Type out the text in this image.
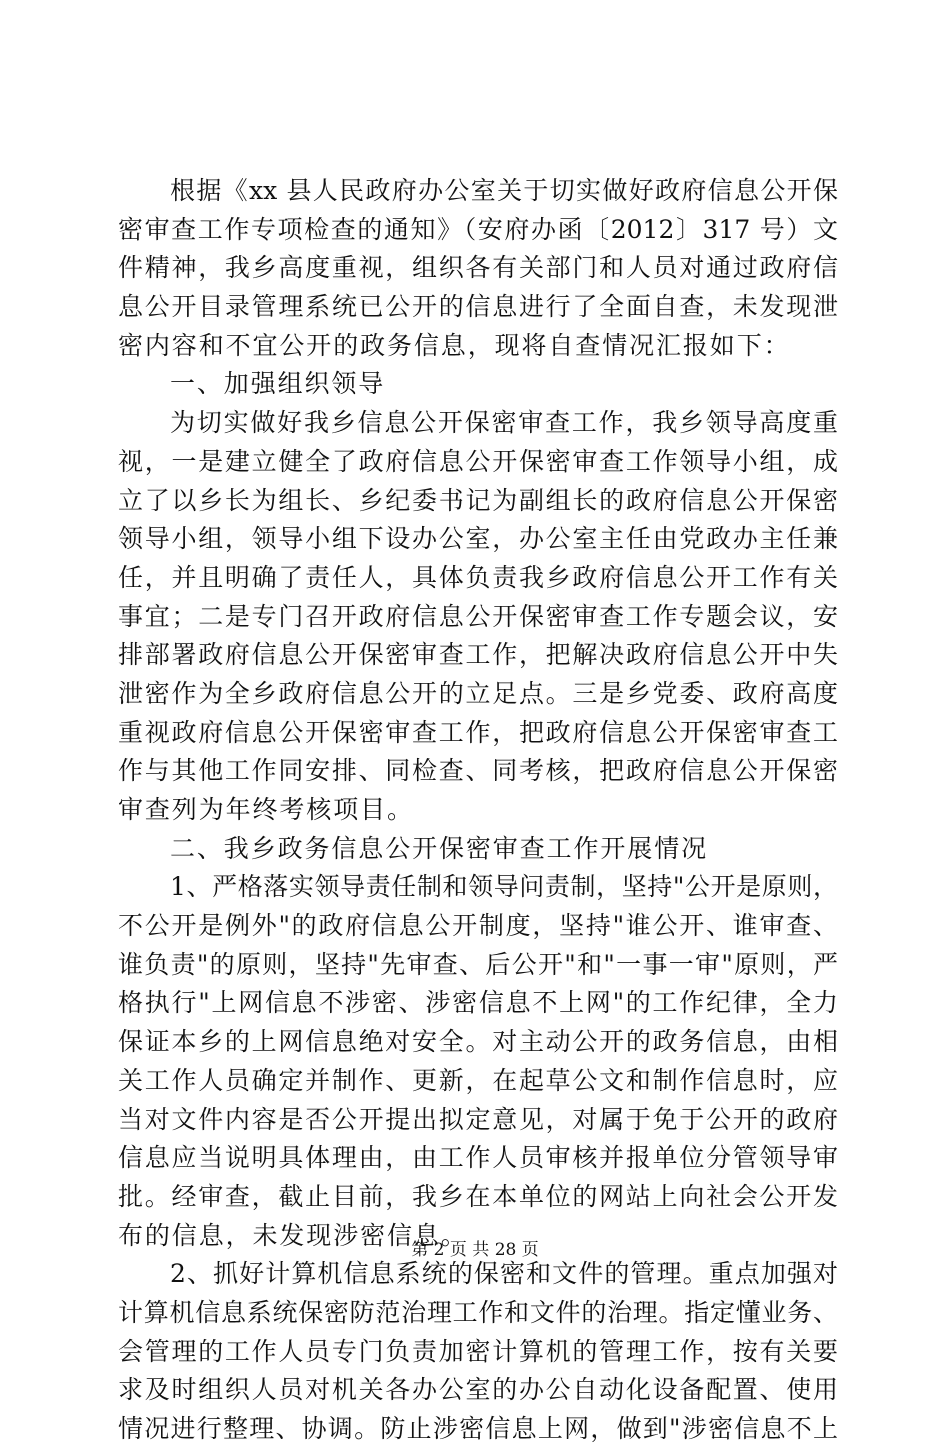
根据《xx 县人民政府办公室关于切实做好政府信息公开保
密审查工作专项检查的通知》（安府办函〔2012〕317 号）文
件精神，我乡高度重视，组织各有关部门和人员对通过政府信
息公开目录管理系统已公开的信息进行了全面自查，未发现泄
密内容和不宜公开的政务信息，现将自查情况汇报如下：
一、加强组织领导
为切实做好我乡信息公开保密审查工作，我乡领导高度重
视，一是建立健全了政府信息公开保密审查工作领导小组，成
立了以乡长为组长、乡纪委书记为副组长的政府信息公开保密
领导小组，领导小组下设办公室，办公室主任由党政办主任兼
任，并且明确了责任人，具体负责我乡政府信息公开工作有关
事宜；二是专门召开政府信息公开保密审查工作专题会议，安
排部署政府信息公开保密审查工作，把解决政府信息公开中失
泄密作为全乡政府信息公开的立足点。三是乡党委、政府高度
重视政府信息公开保密审查工作，把政府信息公开保密审查工
作与其他工作同安排、同检查、同考核，把政府信息公开保密
审查列为年终考核项目。
二、我乡政务信息公开保密审查工作开展情况
1、严格落实领导责任制和领导问责制，坚持"公开是原则，
不公开是例外"的政府信息公开制度，坚持"谁公开、谁审查、
谁负责"的原则，坚持"先审查、后公开"和"一事一审"原则，严
格执行"上网信息不涉密、涉密信息不上网"的工作纪律，全力
保证本乡的上网信息绝对安全。对主动公开的政务信息，由相
关工作人员确定并制作、更新，在起草公文和制作信息时，应
当对文件内容是否公开提出拟定意见，对属于免于公开的政府
信息应当说明具体理由，由工作人员审核并报单位分管领导审
批。经审查，截止目前，我乡在本单位的网站上向社会公开发
布的信息，未发现涉密信息。
2、抓好计算机信息系统的保密和文件的管理。重点加强对
计算机信息系统保密防范治理工作和文件的治理。指定懂业务、
会管理的工作人员专门负责加密计算机的管理工作，按有关要
求及时组织人员对机关各办公室的办公自动化设备配置、使用
情况进行整理、协调。防止涉密信息上网，做到"涉密信息不上
第 2 页 共 28 页
